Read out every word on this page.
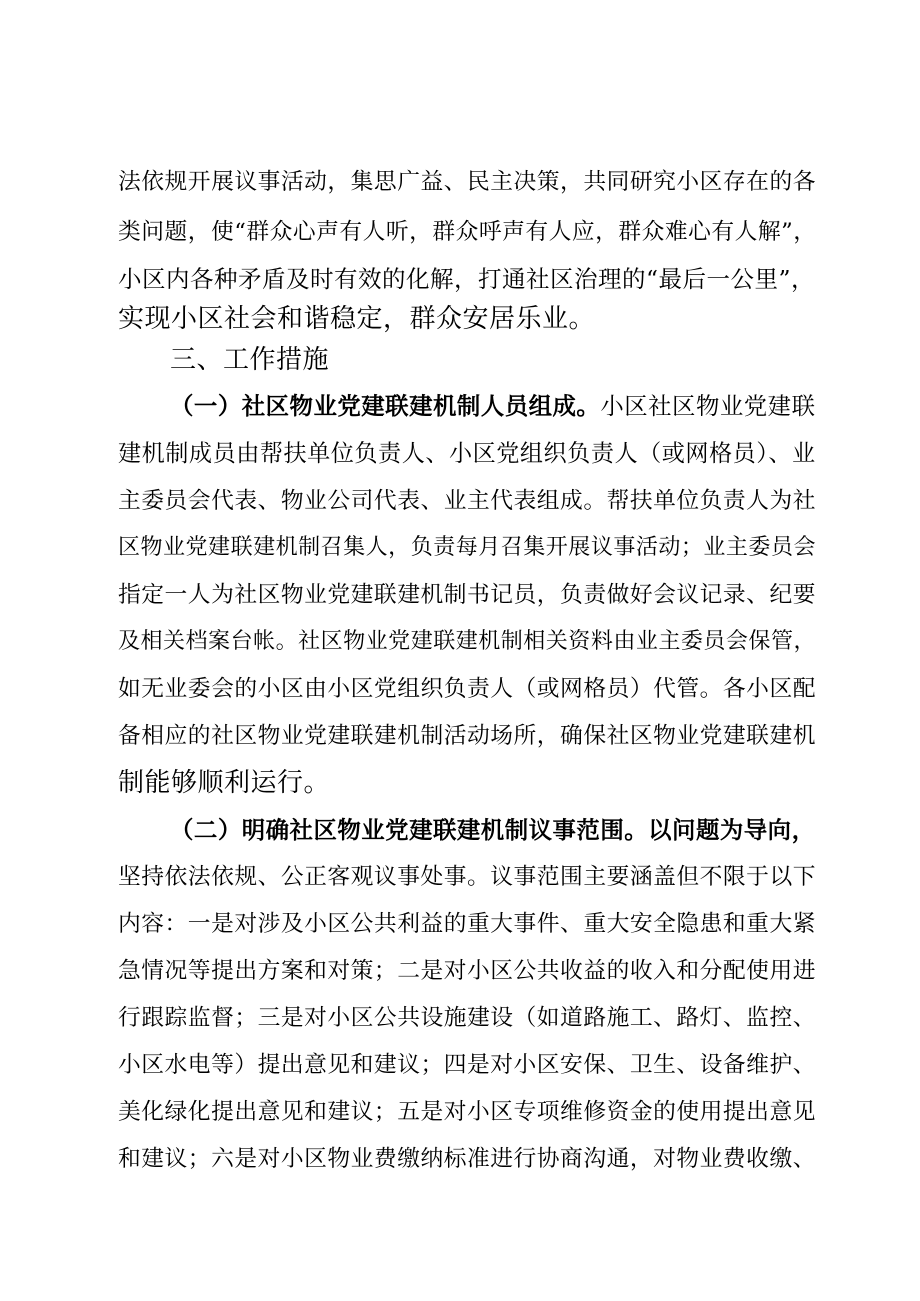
法依规开展议事活动，集思广益、民主决策，共同研究小区存在的各
类问题，使“群众心声有人听，群众呼声有人应，群众难心有人解”，
小区内各种矛盾及时有效的化解，打通社区治理的“最后一公里”，
实现小区社会和谐稳定，群众安居乐业。
三、工作措施
（一）社区物业党建联建机制人员组成。小区社区物业党建联
建机制成员由帮扶单位负责人、小区党组织负责人（或网格员）、业
主委员会代表、物业公司代表、业主代表组成。帮扶单位负责人为社
区物业党建联建机制召集人，负责每月召集开展议事活动；业主委员会
指定一人为社区物业党建联建机制书记员，负责做好会议记录、纪要
及相关档案台帐。社区物业党建联建机制相关资料由业主委员会保管，
如无业委会的小区由小区党组织负责人（或网格员）代管。各小区配
备相应的社区物业党建联建机制活动场所，确保社区物业党建联建机
制能够顺利运行。
（二）明确社区物业党建联建机制议事范围。以问题为导向，
坚持依法依规、公正客观议事处事。议事范围主要涵盖但不限于以下
内容：一是对涉及小区公共利益的重大事件、重大安全隐患和重大紧
急情况等提出方案和对策；二是对小区公共收益的收入和分配使用进
行跟踪监督；三是对小区公共设施建设（如道路施工、路灯、监控、
小区水电等）提出意见和建议；四是对小区安保、卫生、设备维护、
美化绿化提出意见和建议；五是对小区专项维修资金的使用提出意见
和建议；六是对小区物业费缴纳标准进行协商沟通，对物业费收缴、
